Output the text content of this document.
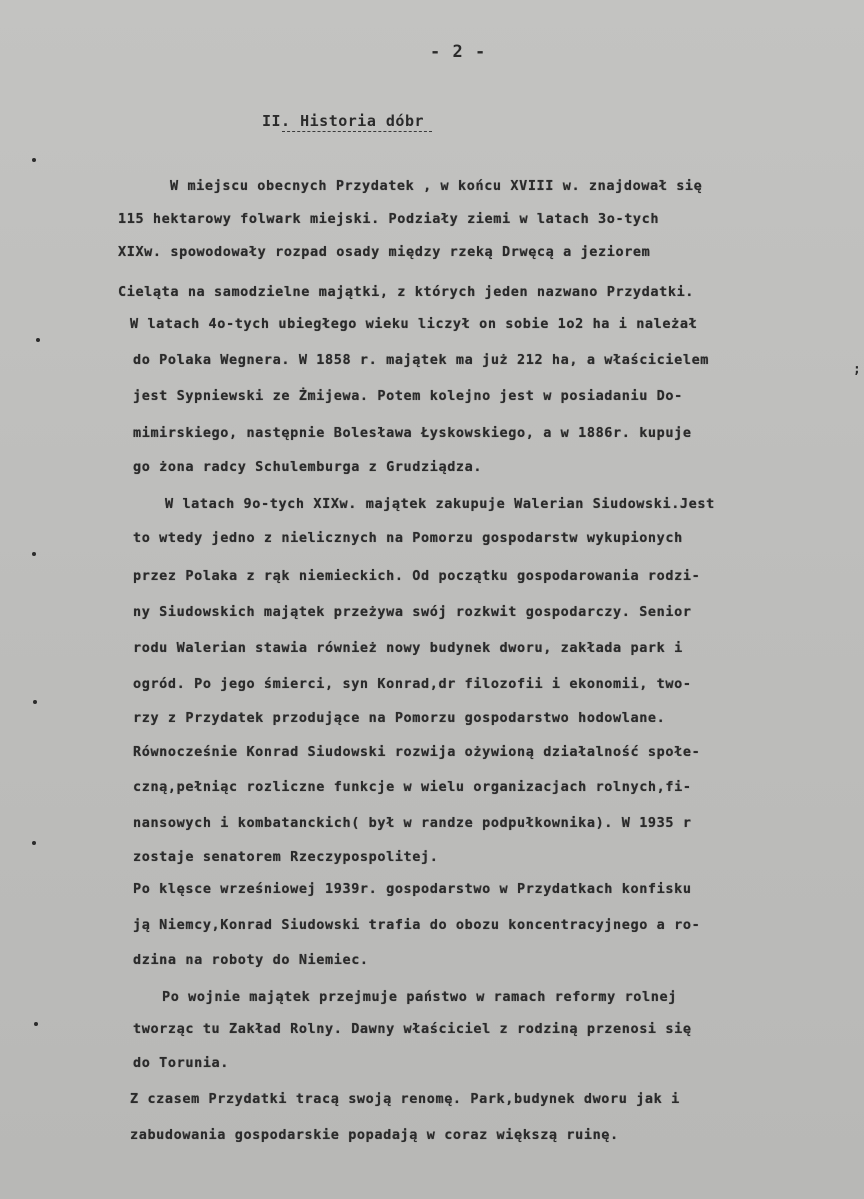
- 2 -
II. Historia dóbr
W miejscu obecnych Przydatek , w końcu XVIII w. znajdował się
115 hektarowy folwark miejski. Podziały ziemi w latach 3o-tych
XIXw. spowodowały rozpad osady między rzeką Drwęcą a jeziorem
Cieląta na samodzielne majątki, z których jeden nazwano Przydatki.
W latach 4o-tych ubiegłego wieku liczył on sobie 1o2 ha i należał
do Polaka Wegnera. W 1858 r. majątek ma już 212 ha, a właścicielem
jest Sypniewski ze Żmijewa. Potem kolejno jest w posiadaniu Do-
mimirskiego, następnie Bolesława Łyskowskiego, a w 1886r. kupuje
go żona radcy Schulemburga z Grudziądza.
W latach 9o-tych XIXw. majątek zakupuje Walerian Siudowski.Jest
to wtedy jedno z nielicznych na Pomorzu gospodarstw wykupionych
przez Polaka z rąk niemieckich. Od początku gospodarowania rodzi-
ny Siudowskich majątek przeżywa swój rozkwit gospodarczy. Senior
rodu Walerian stawia również nowy budynek dworu, zakłada park i
ogród. Po jego śmierci, syn Konrad,dr filozofii i ekonomii, two-
rzy z Przydatek przodujące na Pomorzu gospodarstwo hodowlane.
Równocześnie Konrad Siudowski rozwija ożywioną działalność społe-
czną,pełniąc rozliczne funkcje w wielu organizacjach rolnych,fi-
nansowych i kombatanckich( był w randze podpułkownika). W 1935 r
zostaje senatorem Rzeczypospolitej.
Po klęsce wrześniowej 1939r. gospodarstwo w Przydatkach konfisku
ją Niemcy,Konrad Siudowski trafia do obozu koncentracyjnego a ro-
dzina na roboty do Niemiec.
Po wojnie majątek przejmuje państwo w ramach reformy rolnej
tworząc tu Zakład Rolny. Dawny właściciel z rodziną przenosi się
do Torunia.
Z czasem Przydatki tracą swoją renomę. Park,budynek dworu jak i
zabudowania gospodarskie popadają w coraz większą ruinę.
;
